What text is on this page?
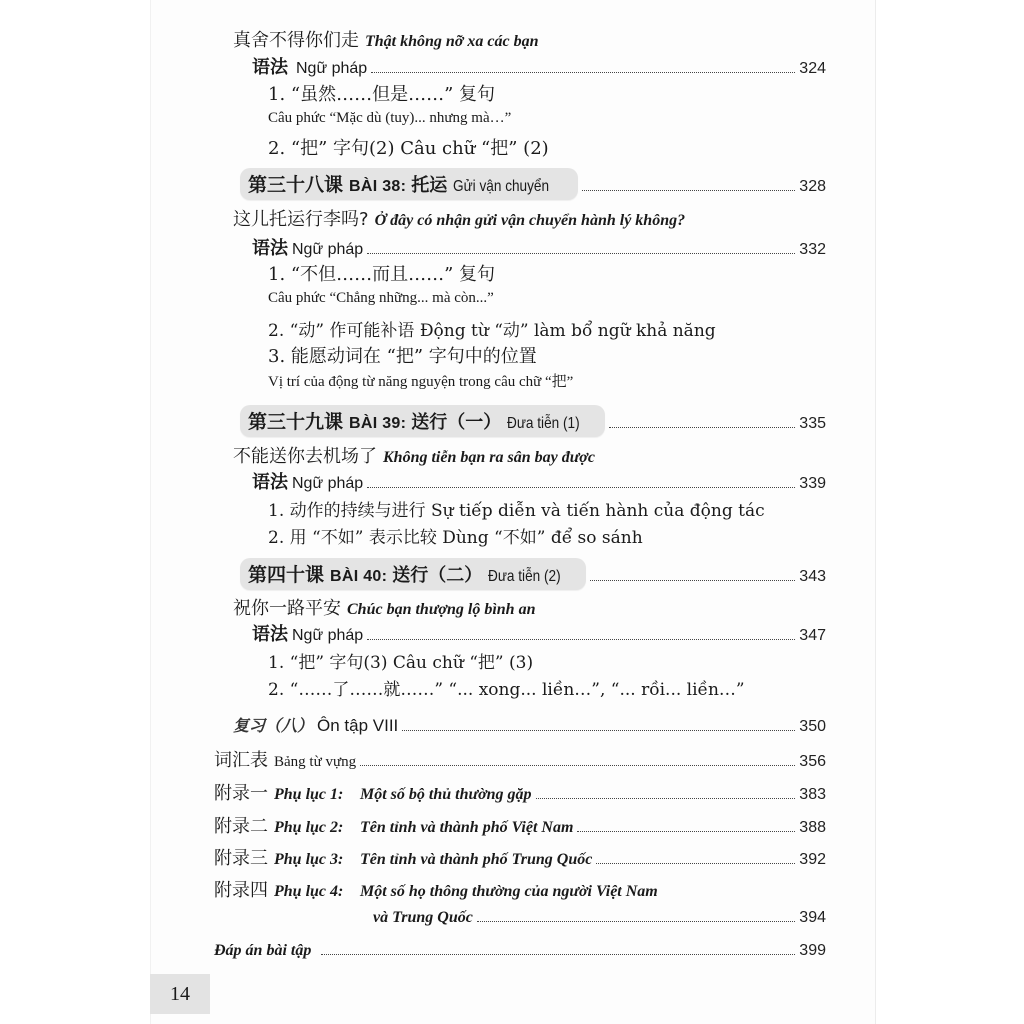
真舍不得你们走 Thật không nỡ xa các bạn
语法 Ngữ pháp	324
1. “虽然……但是……” 复句
Câu phức “Mặc dù (tuy)... nhưng mà…”
2. “把” 字句(2) Câu chữ “把” (2)
第三十八课 BÀI 38: 托运 Gửi vận chuyển	328
这儿托运行李吗? Ở đây có nhận gửi vận chuyển hành lý không?
语法 Ngữ pháp	332
1. “不但……而且……” 复句
Câu phức “Chẳng những... mà còn...”
2. “动” 作可能补语 Động từ “动” làm bổ ngữ khả năng
3. 能愿动词在 “把” 字句中的位置
Vị trí của động từ năng nguyện trong câu chữ “把”
第三十九课 BÀI 39: 送行（一） Đưa tiễn (1)	335
不能送你去机场了 Không tiễn bạn ra sân bay được
语法 Ngữ pháp	339
1. 动作的持续与进行 Sự tiếp diễn và tiến hành của động tác
2. 用 “不如” 表示比较 Dùng “不如” để so sánh
第四十课 BÀI 40: 送行（二） Đưa tiễn (2)	343
祝你一路平安 Chúc bạn thượng lộ bình an
语法 Ngữ pháp	347
1. “把” 字句(3) Câu chữ “把” (3)
2. “……了……就……” “... xong... liền…”, “... rồi... liền…”
复习（八） Ôn tập VIII	350
词汇表 Bảng từ vựng	356
附录一 Phụ lục 1:	Một số bộ thủ thường gặp	383
附录二 Phụ lục 2:	Tên tỉnh và thành phố Việt Nam	388
附录三 Phụ lục 3:	Tên tỉnh và thành phố Trung Quốc	392
附录四 Phụ lục 4:	Một số họ thông thường của người Việt Nam
và Trung Quốc	394
Đáp án bài tập	399
14
